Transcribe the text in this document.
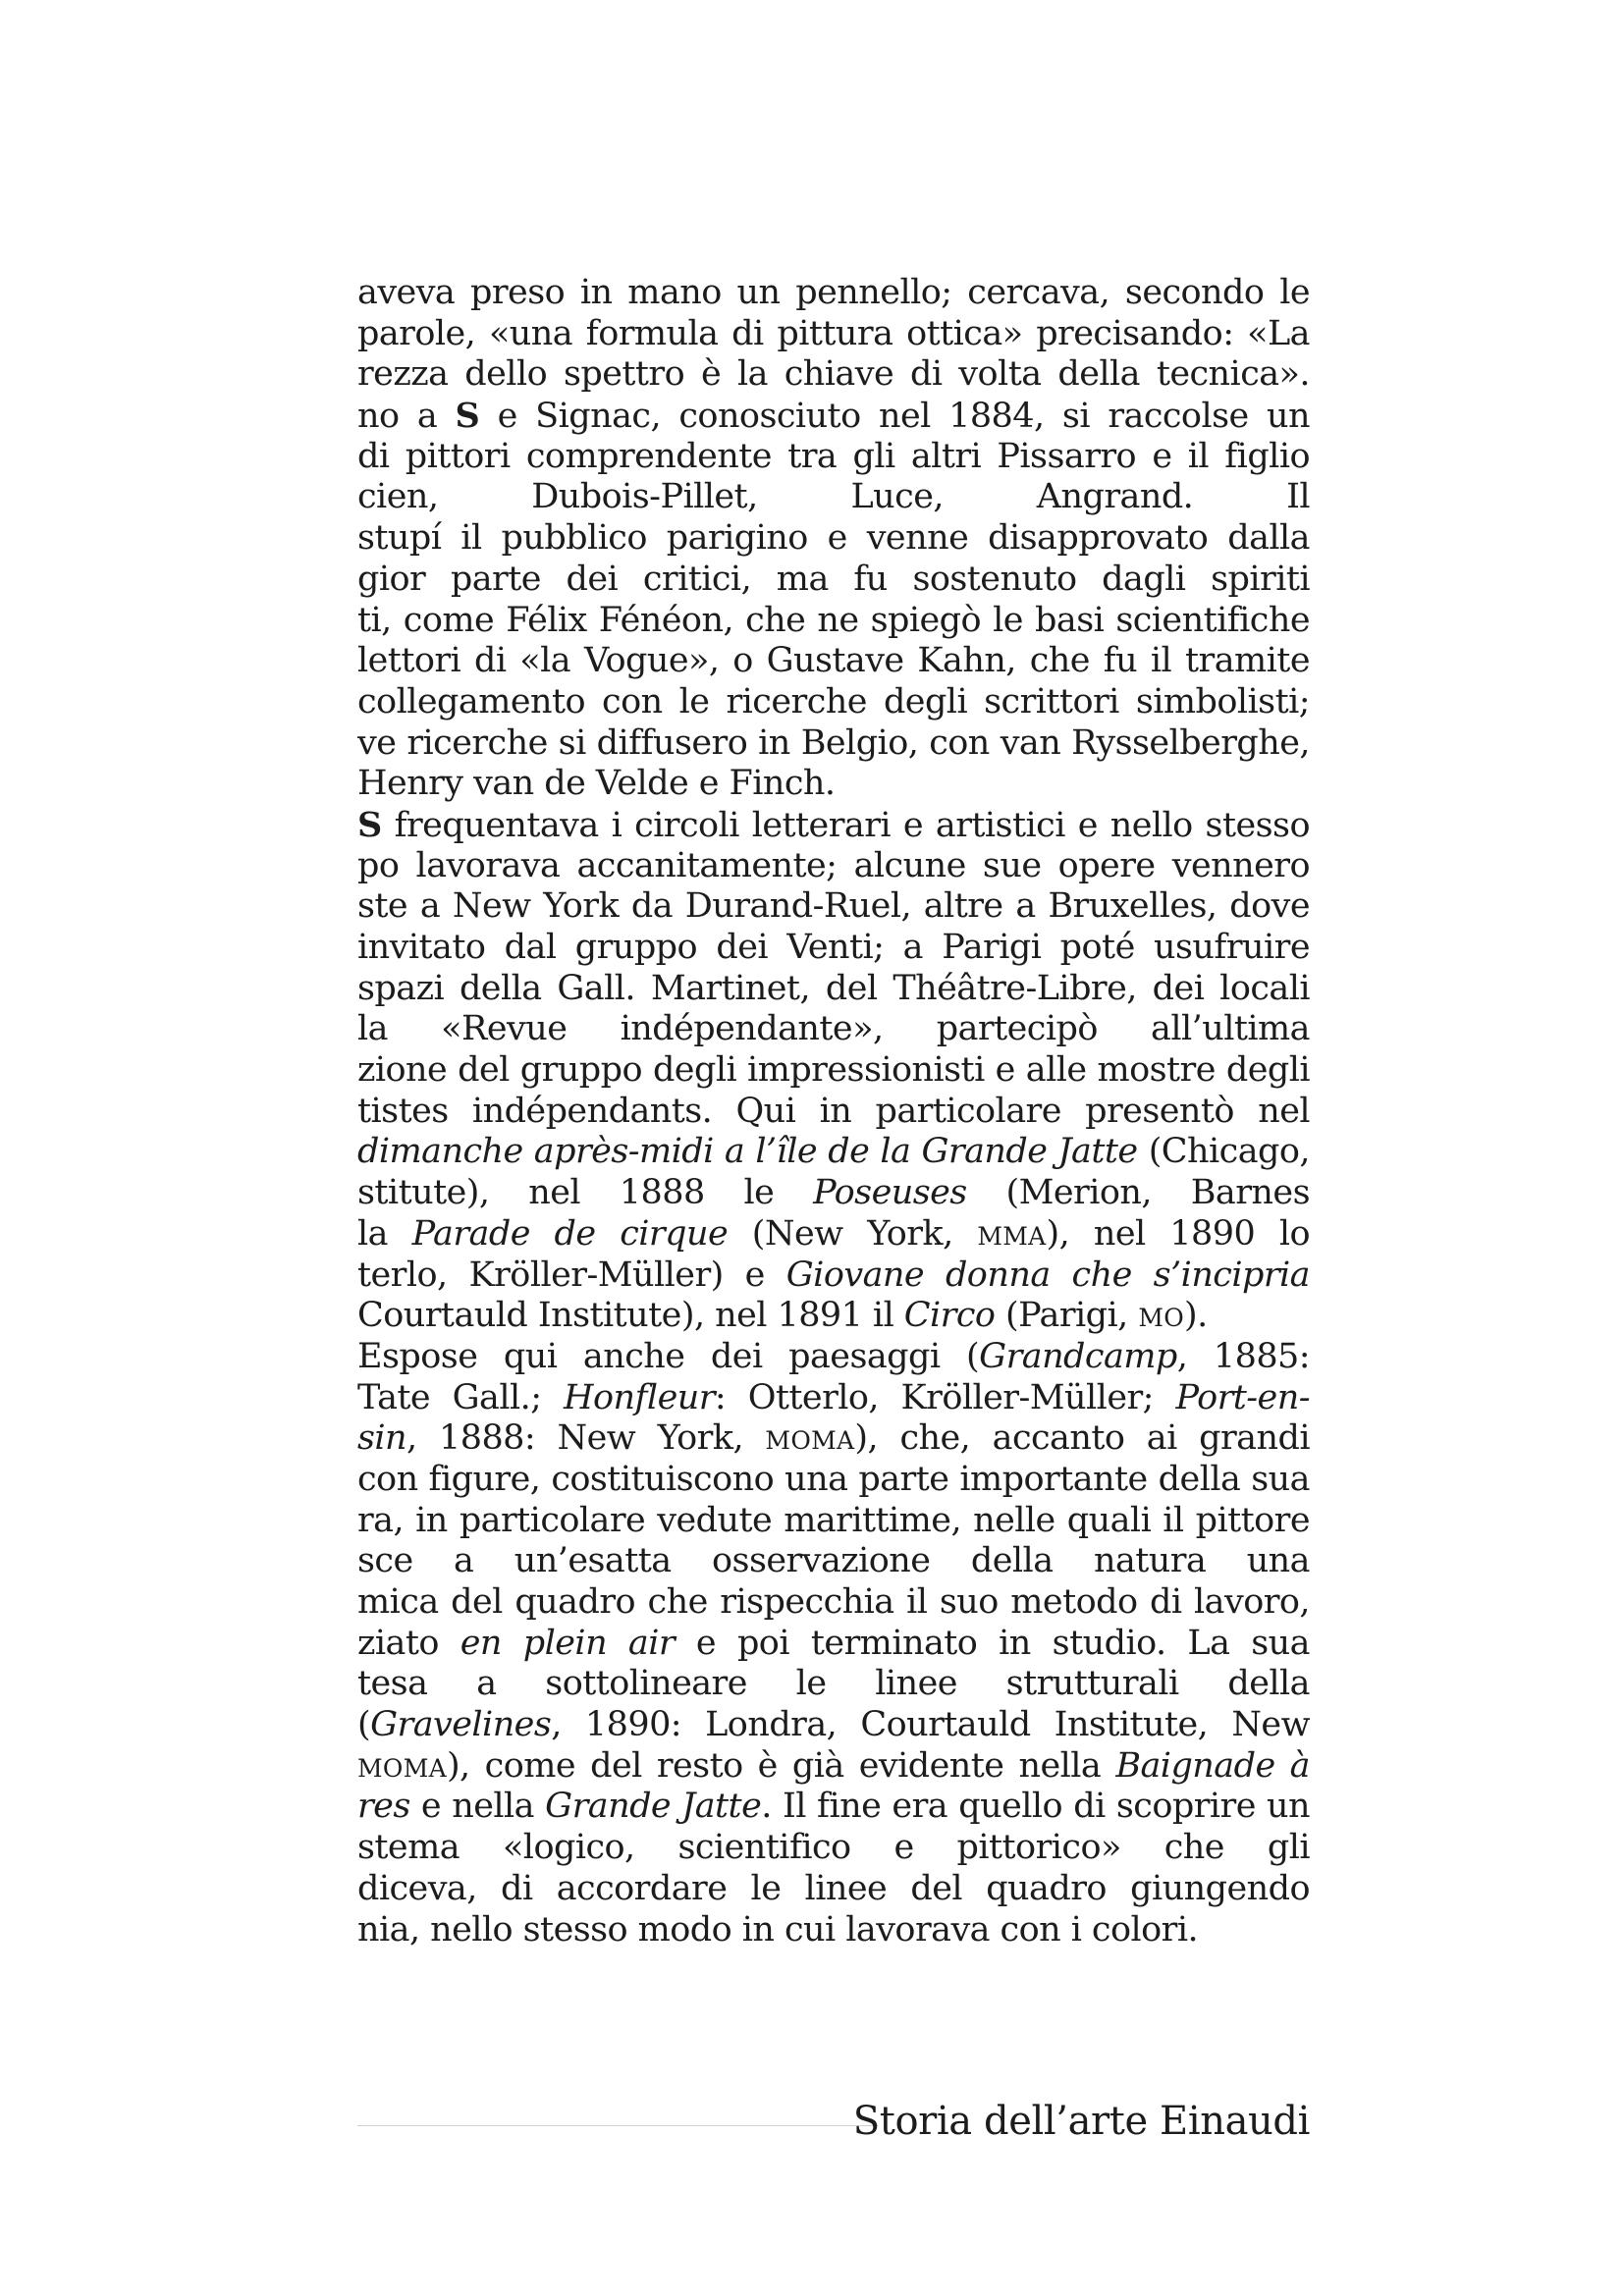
aveva preso in mano un pennello; cercava, secondo le
parole, «una formula di pittura ottica» precisando: «La
rezza dello spettro è la chiave di volta della tecnica».
no a S e Signac, conosciuto nel 1884, si raccolse un
di pittori comprendente tra gli altri Pissarro e il figlio
cien, Dubois-Pillet, Luce, Angrand. Il
stupí il pubblico parigino e venne disapprovato dalla
gior parte dei critici, ma fu sostenuto dagli spiriti
ti, come Félix Fénéon, che ne spiegò le basi scientifiche
lettori di «la Vogue», o Gustave Kahn, che fu il tramite
collegamento con le ricerche degli scrittori simbolisti;
ve ricerche si diffusero in Belgio, con van Rysselberghe,
Henry van de Velde e Finch.
S frequentava i circoli letterari e artistici e nello stesso
po lavorava accanitamente; alcune sue opere vennero
ste a New York da Durand-Ruel, altre a Bruxelles, dove
invitato dal gruppo dei Venti; a Parigi poté usufruire
spazi della Gall. Martinet, del Théâtre-Libre, dei locali
la «Revue indépendante», partecipò all’ultima
zione del gruppo degli impressionisti e alle mostre degli
tistes indépendants. Qui in particolare presentò nel
dimanche après-midi a l’île de la Grande Jatte (Chicago,
stitute), nel 1888 le Poseuses (Merion, Barnes
la Parade de cirque (New York, mma), nel 1890 lo
terlo, Kröller-Müller) e Giovane donna che s’incipria
Courtauld Institute), nel 1891 il Circo (Parigi, mo).
Espose qui anche dei paesaggi (Grandcamp, 1885:
Tate Gall.; Honfleur: Otterlo, Kröller-Müller; Port-en-
sin, 1888: New York, moma), che, accanto ai grandi
con figure, costituiscono una parte importante della sua
ra, in particolare vedute marittime, nelle quali il pittore
sce a un’esatta osservazione della natura una
mica del quadro che rispecchia il suo metodo di lavoro,
ziato en plein air e poi terminato in studio. La sua
tesa a sottolineare le linee strutturali della
(Gravelines, 1890: Londra, Courtauld Institute, New
moma), come del resto è già evidente nella Baignade à
res e nella Grande Jatte. Il fine era quello di scoprire un
stema «logico, scientifico e pittorico» che gli
diceva, di accordare le linee del quadro giungendo
nia, nello stesso modo in cui lavorava con i colori.
Storia dell’arte Einaudi
